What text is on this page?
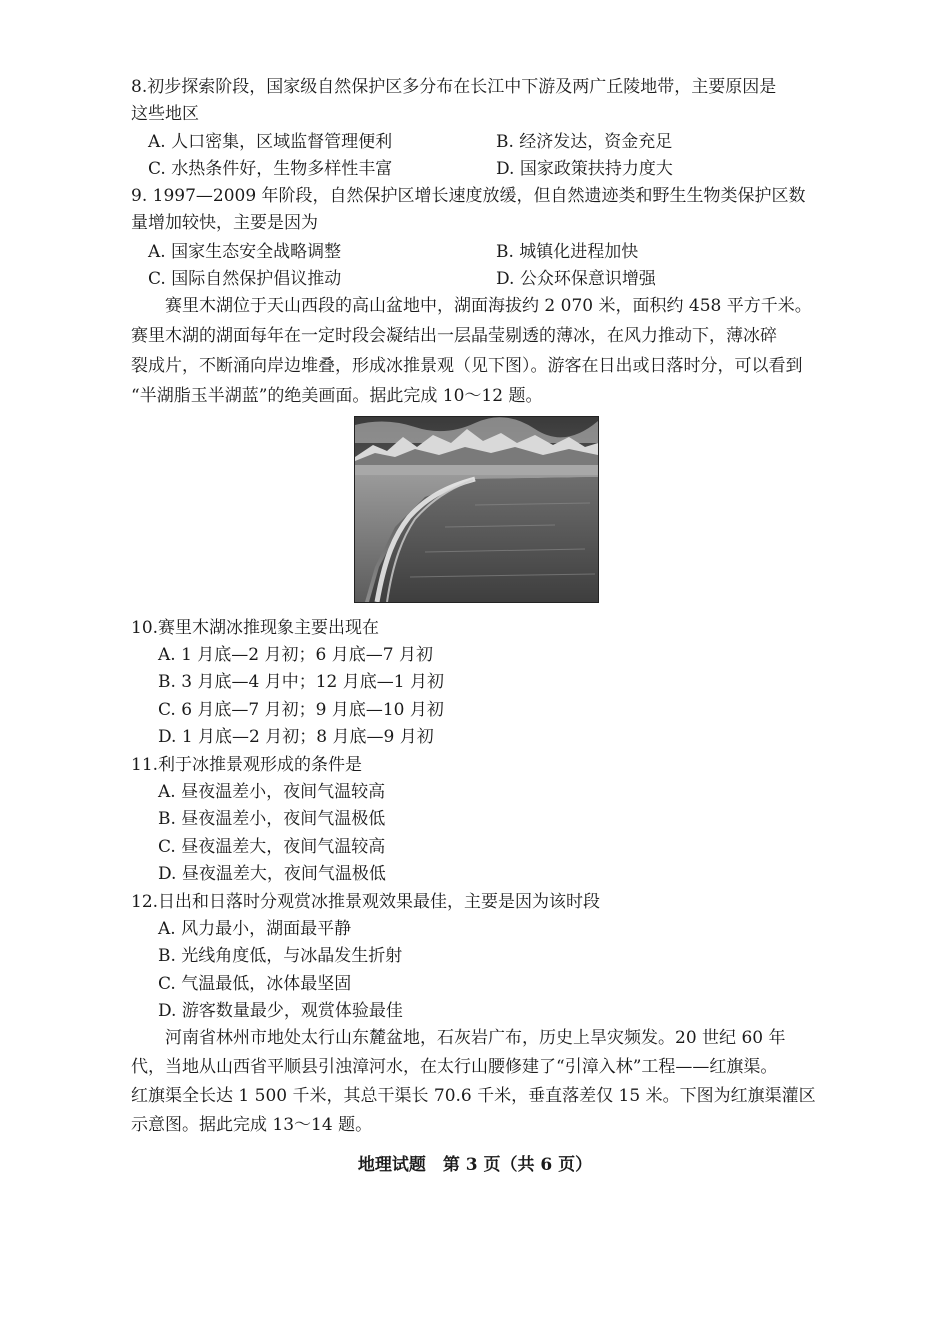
8.初步探索阶段，国家级自然保护区多分布在长江中下游及两广丘陵地带，主要原因是
这些地区
A. 人口密集，区域监督管理便利	B. 经济发达，资金充足
C. 水热条件好，生物多样性丰富	D. 国家政策扶持力度大
9. 1997—2009 年阶段，自然保护区增长速度放缓，但自然遗迹类和野生生物类保护区数
量增加较快，主要是因为
A. 国家生态安全战略调整	B. 城镇化进程加快
C. 国际自然保护倡议推动	D. 公众环保意识增强
赛里木湖位于天山西段的高山盆地中，湖面海拔约 2 070 米，面积约 458 平方千米。
赛里木湖的湖面每年在一定时段会凝结出一层晶莹剔透的薄冰，在风力推动下，薄冰碎
裂成片，不断涌向岸边堆叠，形成冰推景观（见下图）。游客在日出或日落时分，可以看到
“半湖脂玉半湖蓝”的绝美画面。据此完成 10～12 题。
10.赛里木湖冰推现象主要出现在
A. 1 月底—2 月初；6 月底—7 月初
B. 3 月底—4 月中；12 月底—1 月初
C. 6 月底—7 月初；9 月底—10 月初
D. 1 月底—2 月初；8 月底—9 月初
11.利于冰推景观形成的条件是
A. 昼夜温差小，夜间气温较高
B. 昼夜温差小，夜间气温极低
C. 昼夜温差大，夜间气温较高
D. 昼夜温差大，夜间气温极低
12.日出和日落时分观赏冰推景观效果最佳，主要是因为该时段
A. 风力最小，湖面最平静
B. 光线角度低，与冰晶发生折射
C. 气温最低，冰体最坚固
D. 游客数量最少，观赏体验最佳
河南省林州市地处太行山东麓盆地，石灰岩广布，历史上旱灾频发。20 世纪 60 年
代，当地从山西省平顺县引浊漳河水，在太行山腰修建了“引漳入林”工程——红旗渠。
红旗渠全长达 1 500 千米，其总干渠长 70.6 千米，垂直落差仅 15 米。下图为红旗渠灌区
示意图。据此完成 13～14 题。
地理试题　第 3 页（共 6 页）
